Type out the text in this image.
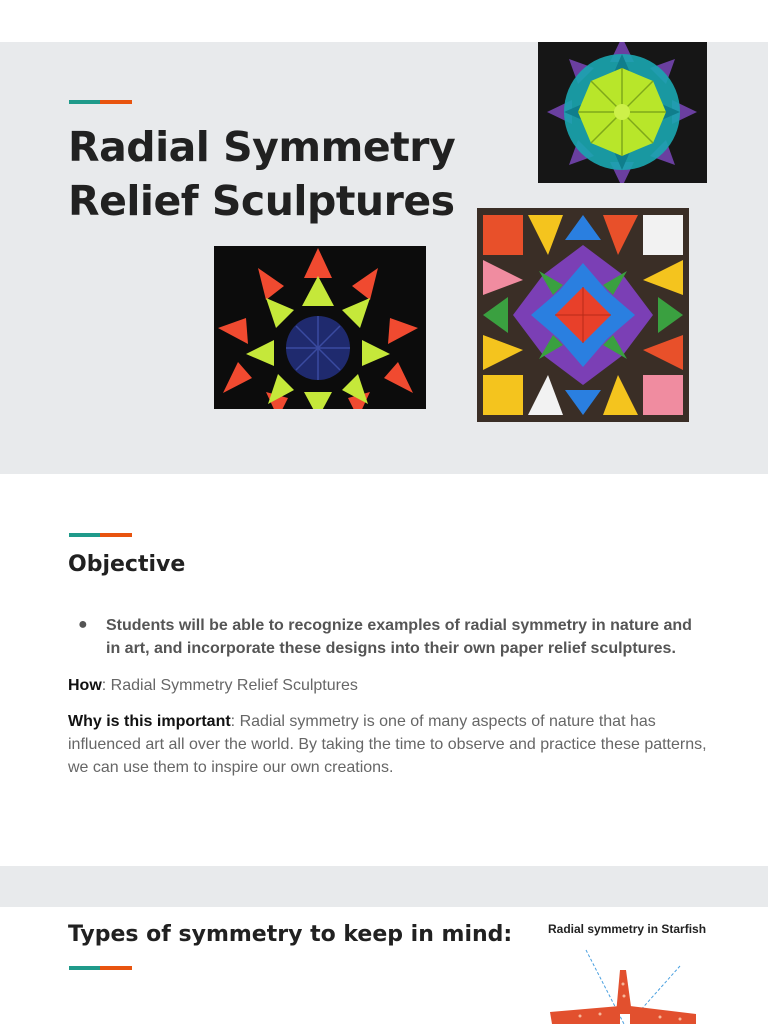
Radial Symmetry
Relief Sculptures
Objective
● Students will be able to recognize examples of radial symmetry in nature and in art, and incorporate these designs into their own paper relief sculptures.

How: Radial Symmetry Relief Sculptures

Why is this important: Radial symmetry is one of many aspects of nature that has influenced art all over the world. By taking the time to observe and practice these patterns, we can use them to inspire our own creations.

Types of symmetry to keep in mind:	Radial symmetry in Starfish
